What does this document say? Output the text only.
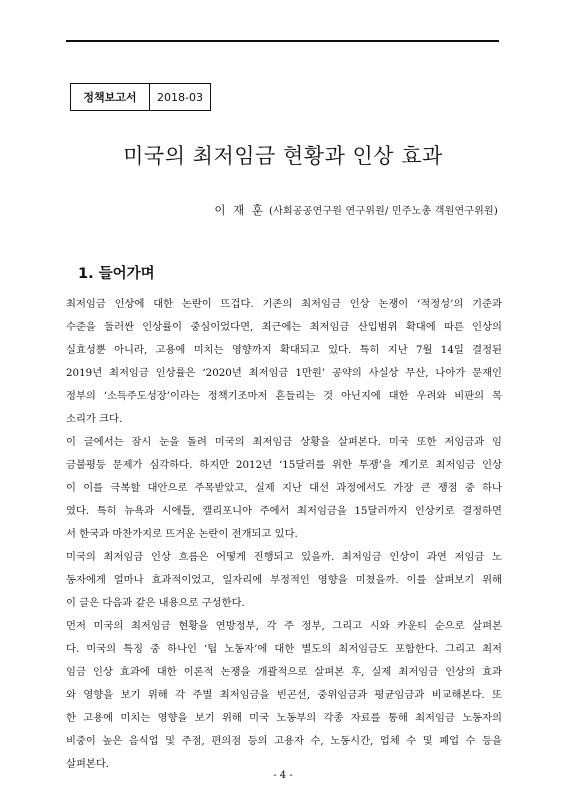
정책보고서	2018-03
미국의 최저임금 현황과 인상 효과
이 재 훈 (사회공공연구원 연구위원/ 민주노총 객원연구위원)
1. 들어가며
최저임금 인상에 대한 논란이 뜨겁다. 기존의 최저임금 인상 논쟁이 ‘적정성’의 기준과
수준을 둘러싼 인상률이 중심이었다면, 최근에는 최저임금 산입범위 확대에 따른 인상의
실효성뿐 아니라, 고용에 미치는 영향까지 확대되고 있다. 특히 지난 7월 14일 결정된
2019년 최저임금 인상률은 ‘2020년 최저임금 1만원’ 공약의 사실상 무산, 나아가 문재인
정부의 ‘소득주도성장’이라는 정책기조마저 흔들리는 것 아닌지에 대한 우려와 비판의 목
소리가 크다.
이 글에서는 잠시 눈을 돌려 미국의 최저임금 상황을 살펴본다. 미국 또한 저임금과 임
금불평등 문제가 심각하다. 하지만 2012년 ‘15달러를 위한 투쟁’을 계기로 최저임금 인상
이 이를 극복할 대안으로 주목받았고, 실제 지난 대선 과정에서도 가장 큰 쟁점 중 하나
였다. 특히 뉴욕과 시애틀, 캘리포니아 주에서 최저임금을 15달러까지 인상키로 결정하면
서 한국과 마찬가지로 뜨거운 논란이 전개되고 있다.
미국의 최저임금 인상 흐름은 어떻게 진행되고 있을까. 최저임금 인상이 과연 저임금 노
동자에게 얼마나 효과적이었고, 일자리에 부정적인 영향을 미쳤을까. 이를 살펴보기 위해
이 글은 다음과 같은 내용으로 구성한다.
먼저 미국의 최저임금 현황을 연방정부, 각 주 정부, 그리고 시와 카운티 순으로 살펴본
다. 미국의 특징 중 하나인 ‘팁 노동자’에 대한 별도의 최저임금도 포함한다. 그리고 최저
임금 인상 효과에 대한 이론적 논쟁을 개괄적으로 살펴본 후, 실제 최저임금 인상의 효과
와 영향을 보기 위해 각 주별 최저임금을 빈곤선, 중위임금과 평균임금과 비교해본다. 또
한 고용에 미치는 영향을 보기 위해 미국 노동부의 각종 자료를 통해 최저임금 노동자의
비중이 높은 음식업 및 주점, 편의점 등의 고용자 수, 노동시간, 업체 수 및 폐업 수 등을
살펴본다.
- 4 -
